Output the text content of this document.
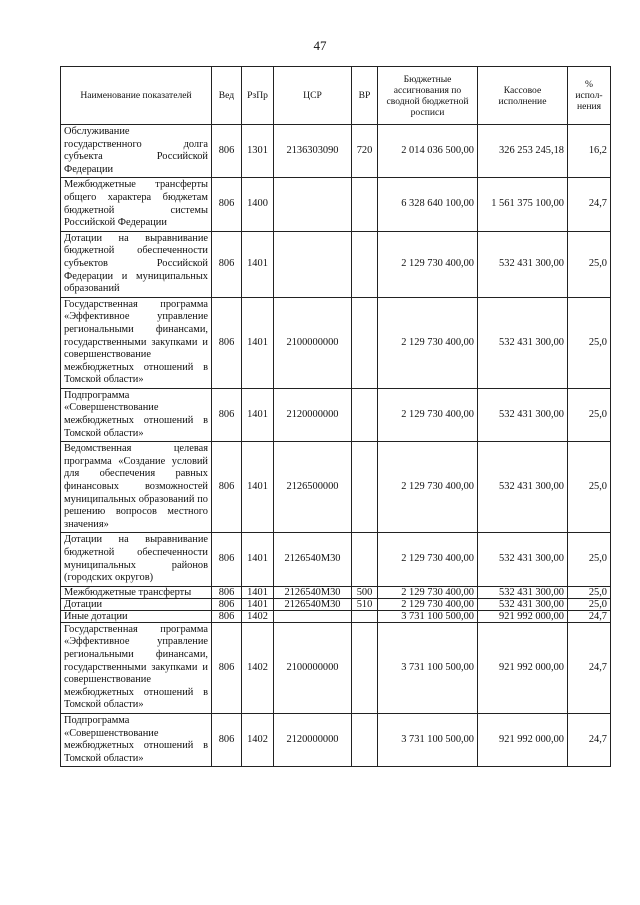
47
Наименование показателей	Вед	РзПр	ЦСР	ВР	Бюджетные ассигнования по сводной бюджетной росписи	Кассовое исполнение	% испол-нения
Обслуживание государственного долга субъекта Российской Федерации	806	1301	2136303090	720	2 014 036 500,00	326 253 245,18	16,2
Межбюджетные трансферты общего характера бюджетам бюджетной системы Российской Федерации	806	1400			6 328 640 100,00	1 561 375 100,00	24,7
Дотации на выравнивание бюджетной обеспеченности субъектов Российской Федерации и муниципальных образований	806	1401			2 129 730 400,00	532 431 300,00	25,0
Государственная программа «Эффективное управление региональными финансами, государственными закупками и совершенствование межбюджетных отношений в Томской области»	806	1401	2100000000		2 129 730 400,00	532 431 300,00	25,0
Подпрограмма «Совершенствование межбюджетных отношений в Томской области»	806	1401	2120000000		2 129 730 400,00	532 431 300,00	25,0
Ведомственная целевая программа «Создание условий для обеспечения равных финансовых возможностей муниципальных образований по решению вопросов местного значения»	806	1401	2126500000		2 129 730 400,00	532 431 300,00	25,0
Дотации на выравнивание бюджетной обеспеченности муниципальных районов (городских округов)	806	1401	2126540М30		2 129 730 400,00	532 431 300,00	25,0
Межбюджетные трансферты	806	1401	2126540М30	500	2 129 730 400,00	532 431 300,00	25,0
Дотации	806	1401	2126540М30	510	2 129 730 400,00	532 431 300,00	25,0
Иные дотации	806	1402			3 731 100 500,00	921 992 000,00	24,7
Государственная программа «Эффективное управление региональными финансами, государственными закупками и совершенствование межбюджетных отношений в Томской области»	806	1402	2100000000		3 731 100 500,00	921 992 000,00	24,7
Подпрограмма «Совершенствование межбюджетных отношений в Томской области»	806	1402	2120000000		3 731 100 500,00	921 992 000,00	24,7
